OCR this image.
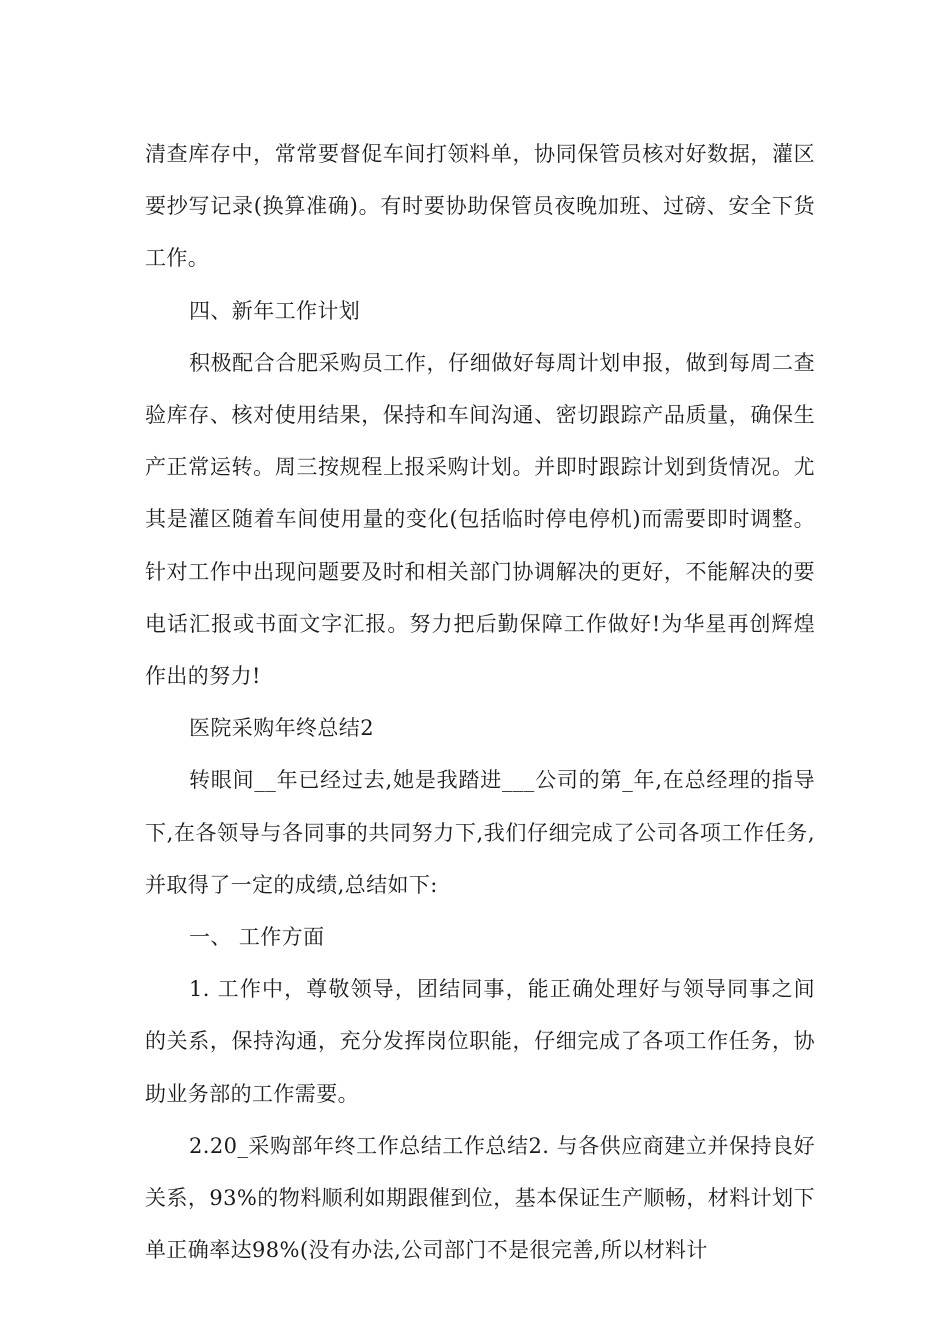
清查库存中，常常要督促车间打领料单，协同保管员核对好数据，灌区要抄写记录(换算准确)。有时要协助保管员夜晚加班、过磅、安全下货工作。

四、新年工作计划

积极配合合肥采购员工作，仔细做好每周计划申报，做到每周二查验库存、核对使用结果，保持和车间沟通、密切跟踪产品质量，确保生产正常运转。周三按规程上报采购计划。并即时跟踪计划到货情况。尤其是灌区随着车间使用量的变化(包括临时停电停机)而需要即时调整。针对工作中出现问题要及时和相关部门协调解决的更好，不能解决的要电话汇报或书面文字汇报。努力把后勤保障工作做好!为华星再创辉煌作出的努力!

医院采购年终总结2

转眼间__年已经过去,她是我踏进___公司的第_年,在总经理的指导下,在各领导与各同事的共同努力下,我们仔细完成了公司各项工作任务,并取得了一定的成绩,总结如下:

一、 工作方面

1. 工作中，尊敬领导，团结同事，能正确处理好与领导同事之间的关系，保持沟通，充分发挥岗位职能，仔细完成了各项工作任务，协助业务部的工作需要。

2.20_采购部年终工作总结工作总结2. 与各供应商建立并保持良好关系，93%的物料顺利如期跟催到位，基本保证生产顺畅，材料计划下单正确率达98%(没有办法,公司部门不是很完善,所以材料计
